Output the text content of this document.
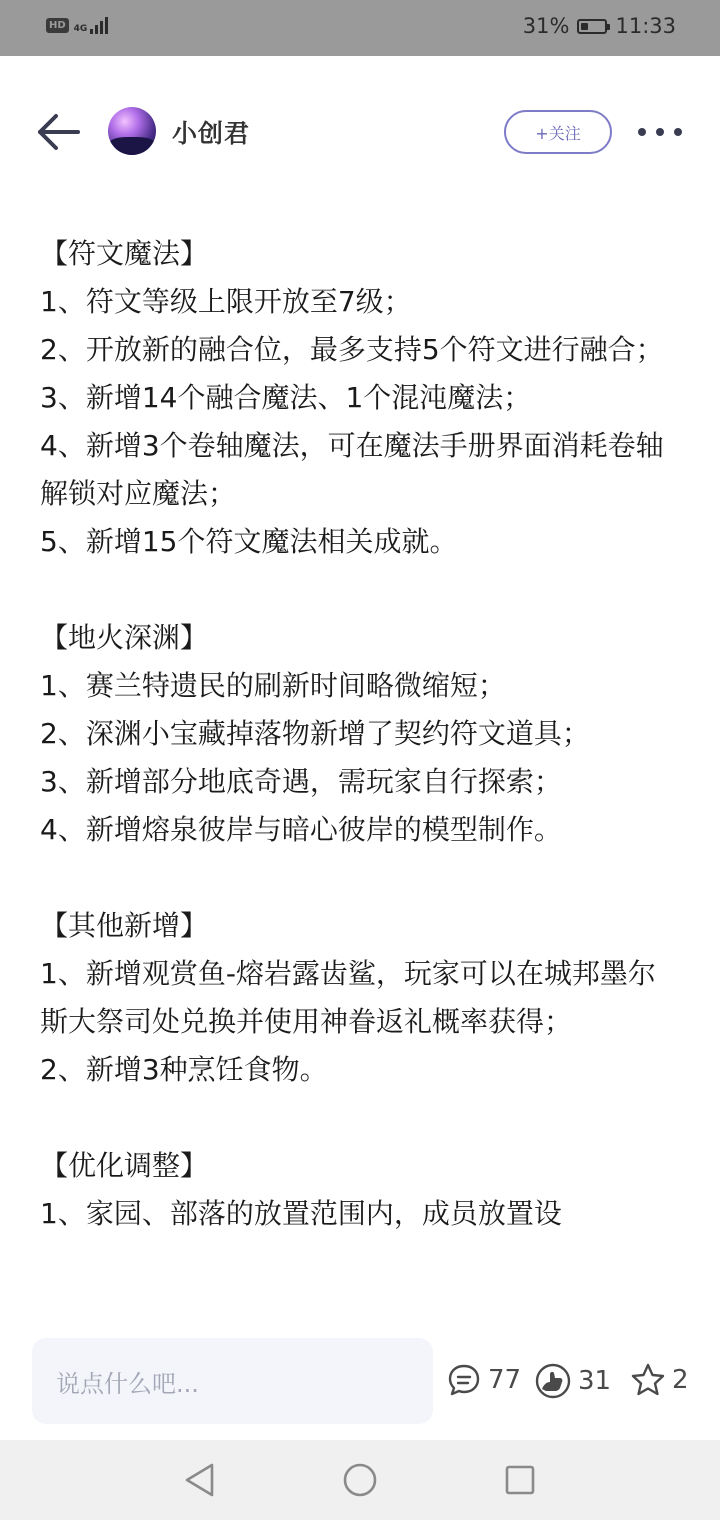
HD 4G	31% 11:33
小创君	+关注

【符文魔法】

1、符文等级上限开放至7级；

2、开放新的融合位，最多支持5个符文进行融合；

3、新增14个融合魔法、1个混沌魔法；

4、新增3个卷轴魔法，可在魔法手册界面消耗卷轴解锁对应魔法；

5、新增15个符文魔法相关成就。

【地火深渊】

1、赛兰特遗民的刷新时间略微缩短；

2、深渊小宝藏掉落物新增了契约符文道具；

3、新增部分地底奇遇，需玩家自行探索；

4、新增熔泉彼岸与暗心彼岸的模型制作。

【其他新增】

1、新增观赏鱼-熔岩露齿鲨，玩家可以在城邦墨尔斯大祭司处兑换并使用神眷返礼概率获得；

2、新增3种烹饪食物。

【优化调整】

1、家园、部落的放置范围内，成员放置设

说点什么吧...	77 31 2
